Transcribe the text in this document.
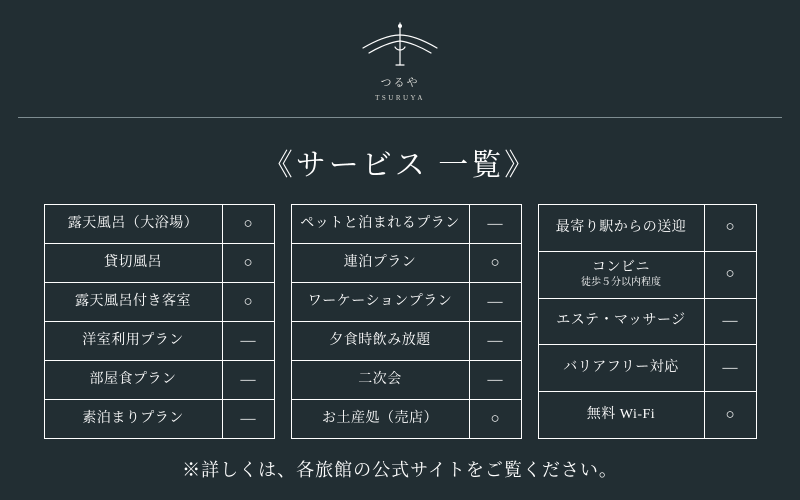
つるや
TSURUYA
《サービス 一覧》
露天風呂（大浴場）	○
貸切風呂	○
露天風呂付き客室	○
洋室利用プラン	—
部屋食プラン	—
素泊まりプラン	—
ペットと泊まれるプラン	—
連泊プラン	○
ワーケーションプラン	—
夕食時飲み放題	—
二次会	—
お土産処（売店）	○
最寄り駅からの送迎	○
コンビニ
徒歩５分以内程度	○
エステ・マッサージ	—
バリアフリー対応	—
無料 Wi-Fi	○
※詳しくは、各旅館の公式サイトをご覧ください。
